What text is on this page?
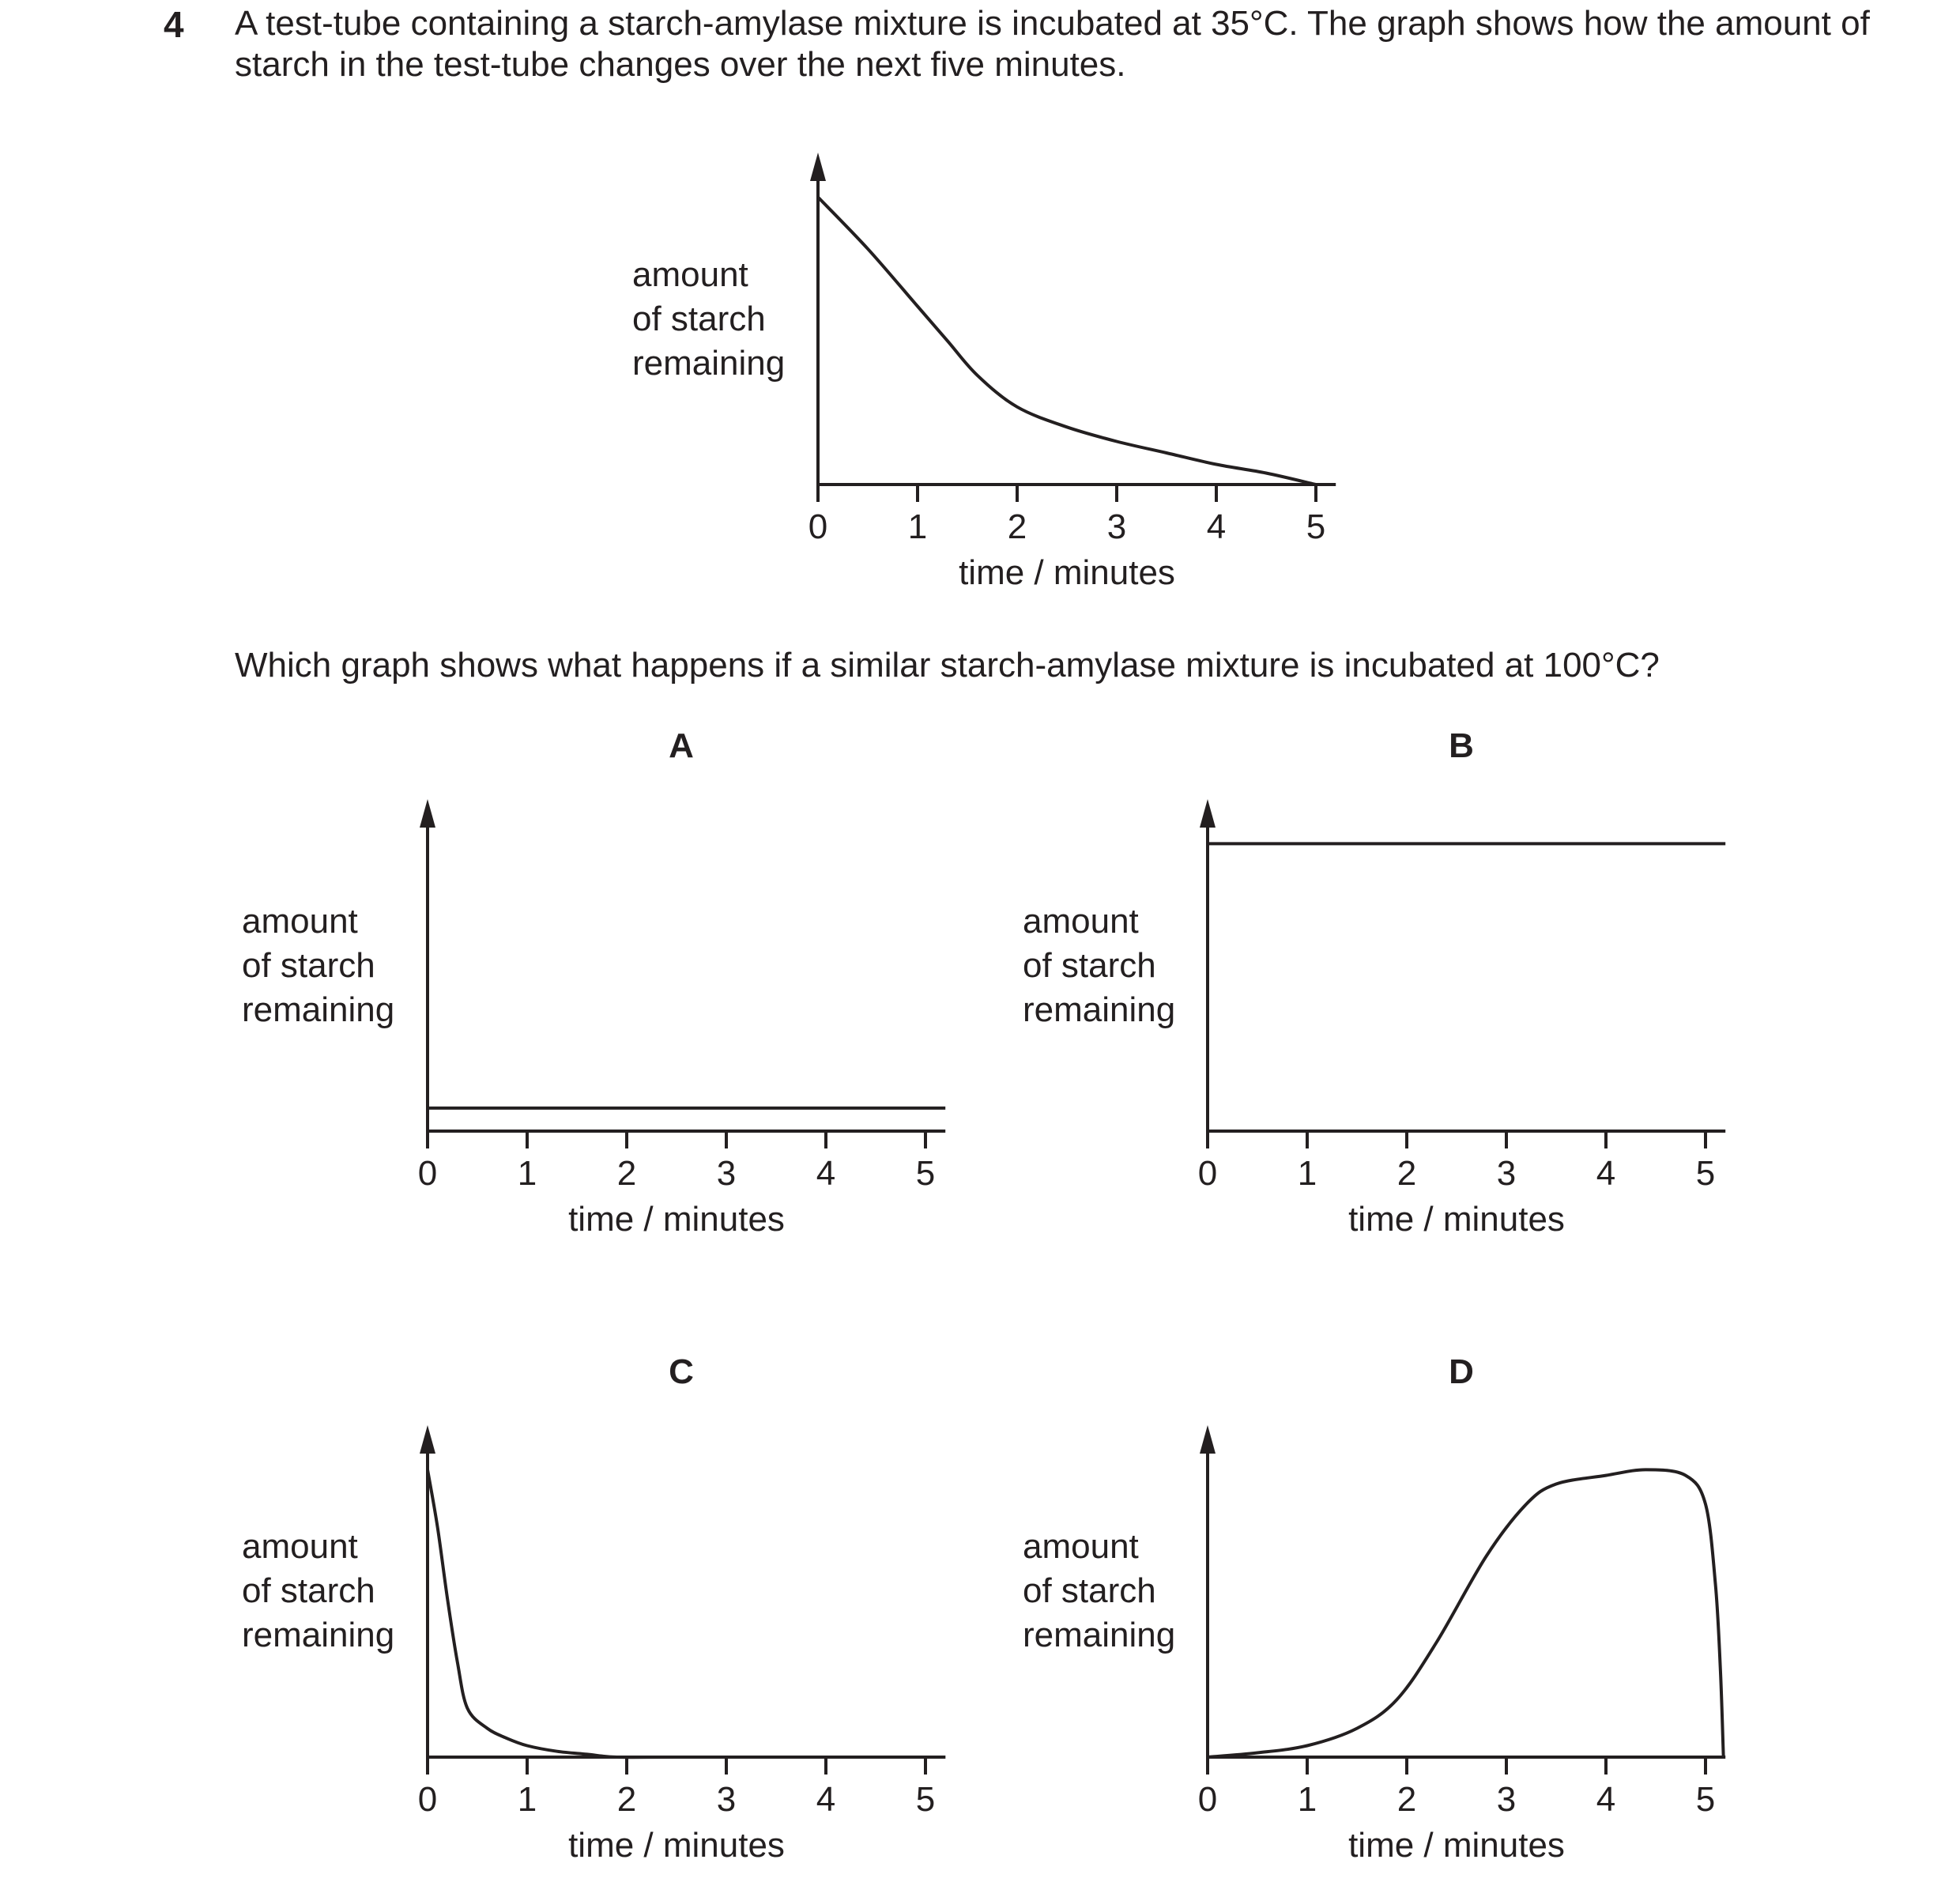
4 A test-tube containing a starch-amylase mixture is incubated at 35°C. The graph shows how the amount of starch in the test-tube changes over the next five minutes.
Which graph shows what happens if a similar starch-amylase mixture is incubated at 100°C?
0 1 2 3 4 5
time / minutes
amount
of starch
remaining
A
0 1 2 3 4 5
time / minutes
amount
of starch
remaining
B
0 1 2 3 4 5
time / minutes
amount
of starch
remaining
C
0 1 2 3 4 5
time / minutes
amount
of starch
remaining
D
0 1 2 3 4 5
time / minutes
amount
of starch
remaining
